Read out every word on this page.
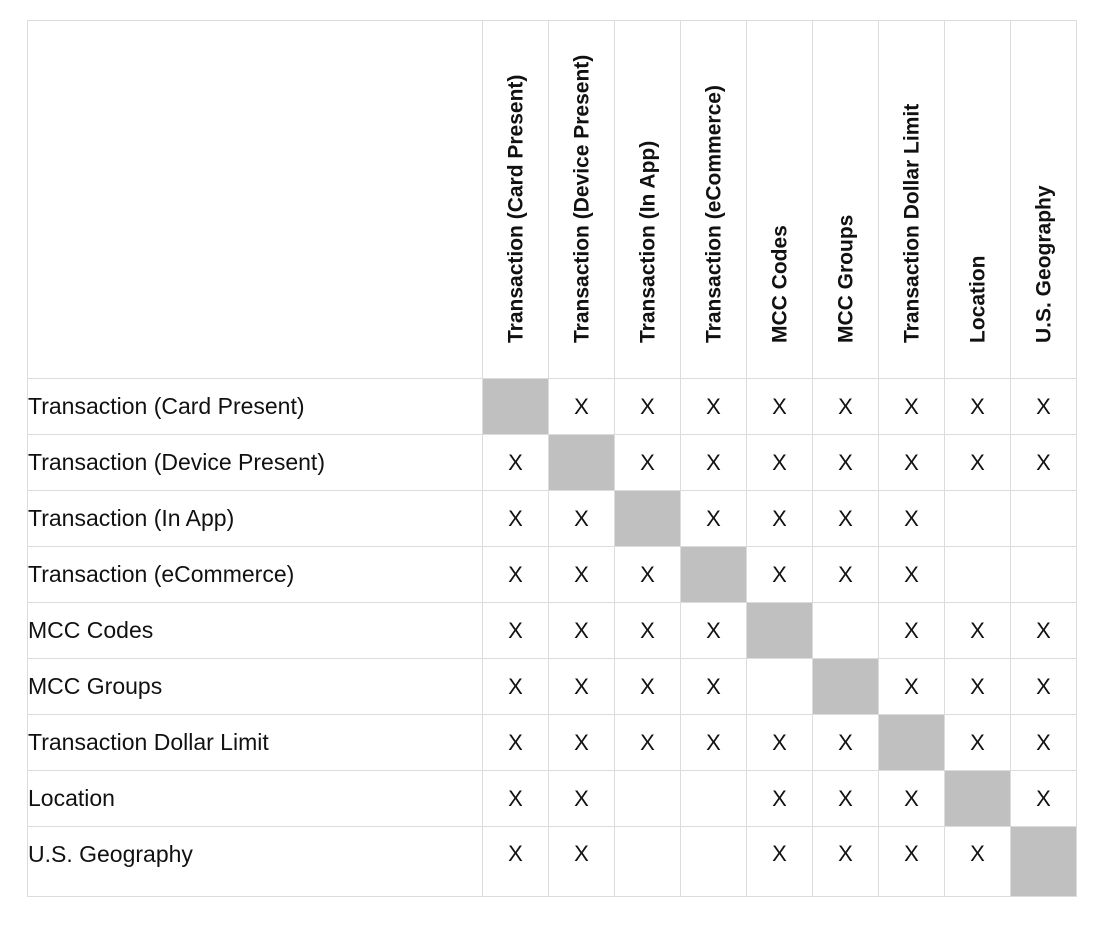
	Transaction (Card Present)	Transaction (Device Present)	Transaction (In App)	Transaction (eCommerce)	MCC Codes	MCC Groups	Transaction Dollar Limit	Location	U.S. Geography

Transaction (Card Present)		X	X	X	X	X	X	X	X
Transaction (Device Present)	X		X	X	X	X	X	X	X
Transaction (In App)	X	X		X	X	X	X		
Transaction (eCommerce)	X	X	X		X	X	X		
MCC Codes	X	X	X	X			X	X	X
MCC Groups	X	X	X	X			X	X	X
Transaction Dollar Limit	X	X	X	X	X	X		X	X
Location	X	X			X	X	X		X
U.S. Geography	X	X			X	X	X	X	
